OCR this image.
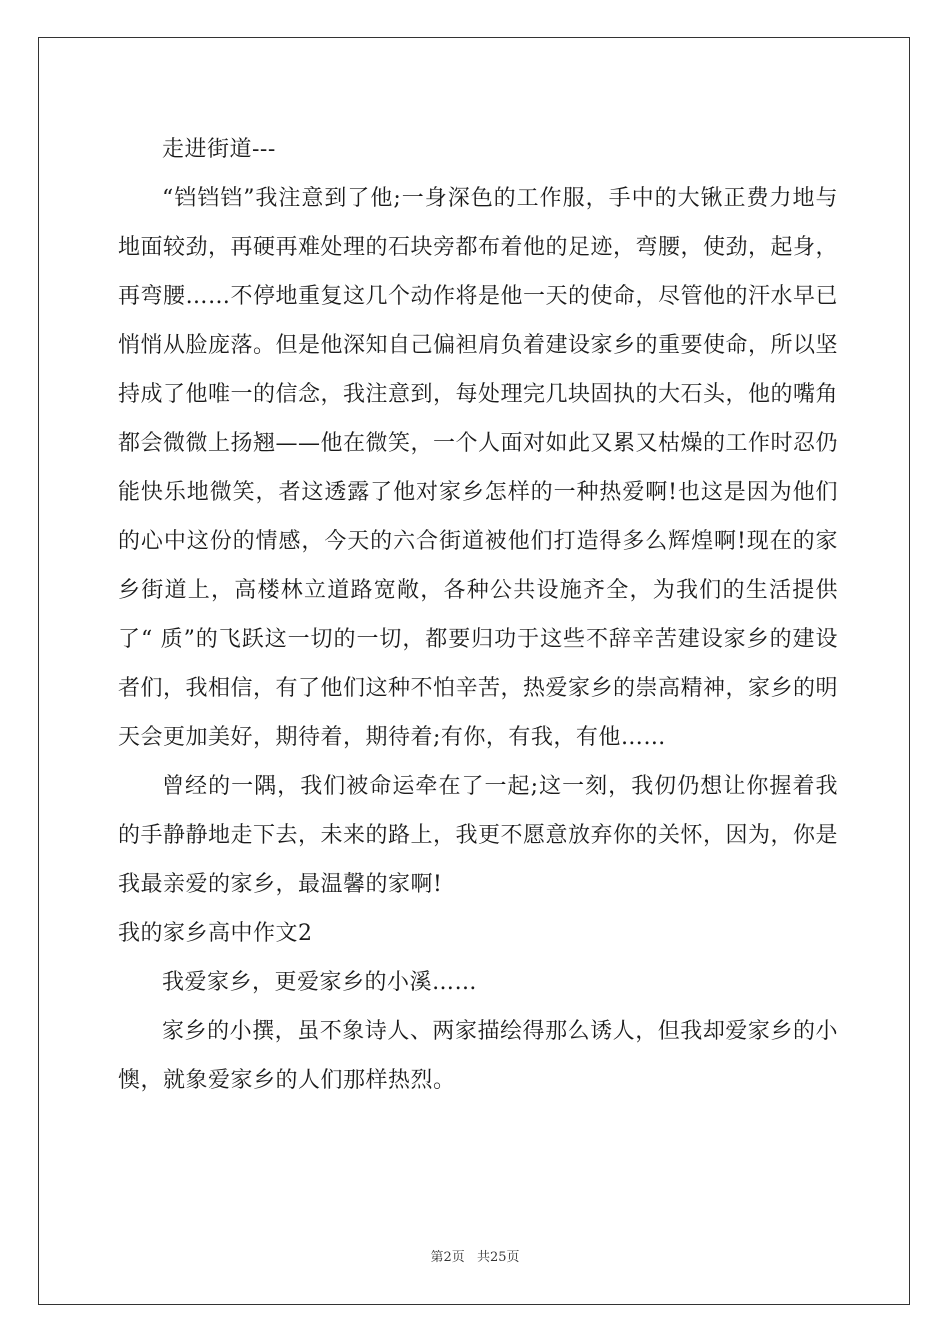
走进街道---

“铛铛铛”我注意到了他;一身深色的工作服，手中的大锹正费力地与地面较劲，再硬再难处理的石块旁都布着他的足迹，弯腰，使劲，起身，再弯腰……不停地重复这几个动作将是他一天的使命，尽管他的汗水早已悄悄从脸庞落。但是他深知自己偏袒肩负着建设家乡的重要使命，所以坚持成了他唯一的信念，我注意到，每处理完几块固执的大石头，他的嘴角都会微微上扬翘——他在微笑，一个人面对如此又累又枯燥的工作时忍仍能快乐地微笑，者这透露了他对家乡怎样的一种热爱啊!也这是因为他们的心中这份的情感，今天的六合街道被他们打造得多么辉煌啊!现在的家乡街道上，高楼林立道路宽敞，各种公共设施齐全，为我们的生活提供了“ 质”的飞跃这一切的一切，都要归功于这些不辞辛苦建设家乡的建设者们，我相信，有了他们这种不怕辛苦，热爱家乡的崇高精神，家乡的明天会更加美好，期待着，期待着;有你，有我，有他……

曾经的一隅，我们被命运牵在了一起;这一刻，我仞仍想让你握着我的手静静地走下去，未来的路上，我更不愿意放弃你的关怀，因为，你是我最亲爱的家乡，最温馨的家啊!

我的家乡高中作文2

我爱家乡，更爱家乡的小溪……

家乡的小撰，虽不象诗人、两家描绘得那么诱人，但我却爱家乡的小懊，就象爱家乡的人们那样热烈。

第2页 共25页
